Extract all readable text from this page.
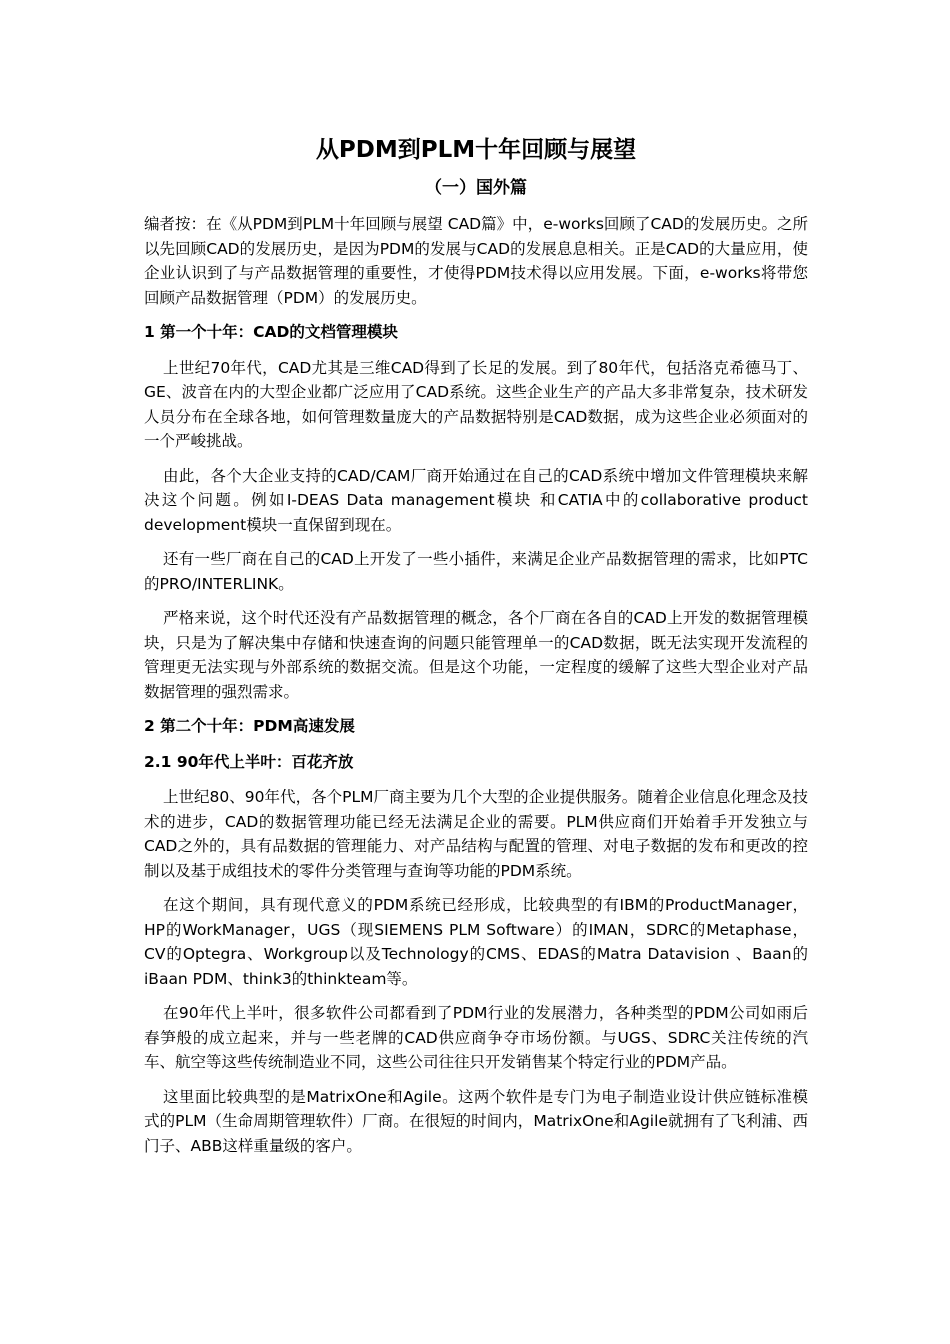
从PDM到PLM十年回顾与展望
（一）国外篇

编者按：在《从PDM到PLM十年回顾与展望 CAD篇》中，e-works回顾了CAD的发展历史。之所以先回顾CAD的发展历史，是因为PDM的发展与CAD的发展息息相关。正是CAD的大量应用，使企业认识到了与产品数据管理的重要性，才使得PDM技术得以应用发展。下面，e-works将带您回顾产品数据管理（PDM）的发展历史。

1 第一个十年：CAD的文档管理模块

上世纪70年代，CAD尤其是三维CAD得到了长足的发展。到了80年代，包括洛克希德马丁、GE、波音在内的大型企业都广泛应用了CAD系统。这些企业生产的产品大多非常复杂，技术研发人员分布在全球各地，如何管理数量庞大的产品数据特别是CAD数据，成为这些企业必须面对的一个严峻挑战。

由此，各个大企业支持的CAD/CAM厂商开始通过在自己的CAD系统中增加文件管理模块来解决这个问题。例如I-DEAS Data management模块 和CATIA中的collaborative product development模块一直保留到现在。

还有一些厂商在自己的CAD上开发了一些小插件，来满足企业产品数据管理的需求，比如PTC的PRO/INTERLINK。

严格来说，这个时代还没有产品数据管理的概念，各个厂商在各自的CAD上开发的数据管理模块，只是为了解决集中存储和快速查询的问题只能管理单一的CAD数据，既无法实现开发流程的管理更无法实现与外部系统的数据交流。但是这个功能，一定程度的缓解了这些大型企业对产品数据管理的强烈需求。

2 第二个十年：PDM高速发展
2.1 90年代上半叶：百花齐放

上世纪80、90年代，各个PLM厂商主要为几个大型的企业提供服务。随着企业信息化理念及技术的进步，CAD的数据管理功能已经无法满足企业的需要。PLM供应商们开始着手开发独立与CAD之外的，具有品数据的管理能力、对产品结构与配置的管理、对电子数据的发布和更改的控制以及基于成组技术的零件分类管理与查询等功能的PDM系统。

在这个期间，具有现代意义的PDM系统已经形成，比较典型的有IBM的ProductManager，HP的WorkManager，UGS（现SIEMENS PLM Software）的IMAN，SDRC的Metaphase，CV的Optegra、Workgroup以及Technology的CMS、EDAS的Matra Datavision 、Baan的iBaan PDM、think3的thinkteam等。

在90年代上半叶，很多软件公司都看到了PDM行业的发展潜力，各种类型的PDM公司如雨后春笋般的成立起来，并与一些老牌的CAD供应商争夺市场份额。与UGS、SDRC关注传统的汽车、航空等这些传统制造业不同，这些公司往往只开发销售某个特定行业的PDM产品。

这里面比较典型的是MatrixOne和Agile。这两个软件是专门为电子制造业设计供应链标准模式的PLM（生命周期管理软件）厂商。在很短的时间内，MatrixOne和Agile就拥有了飞利浦、西门子、ABB这样重量级的客户。
